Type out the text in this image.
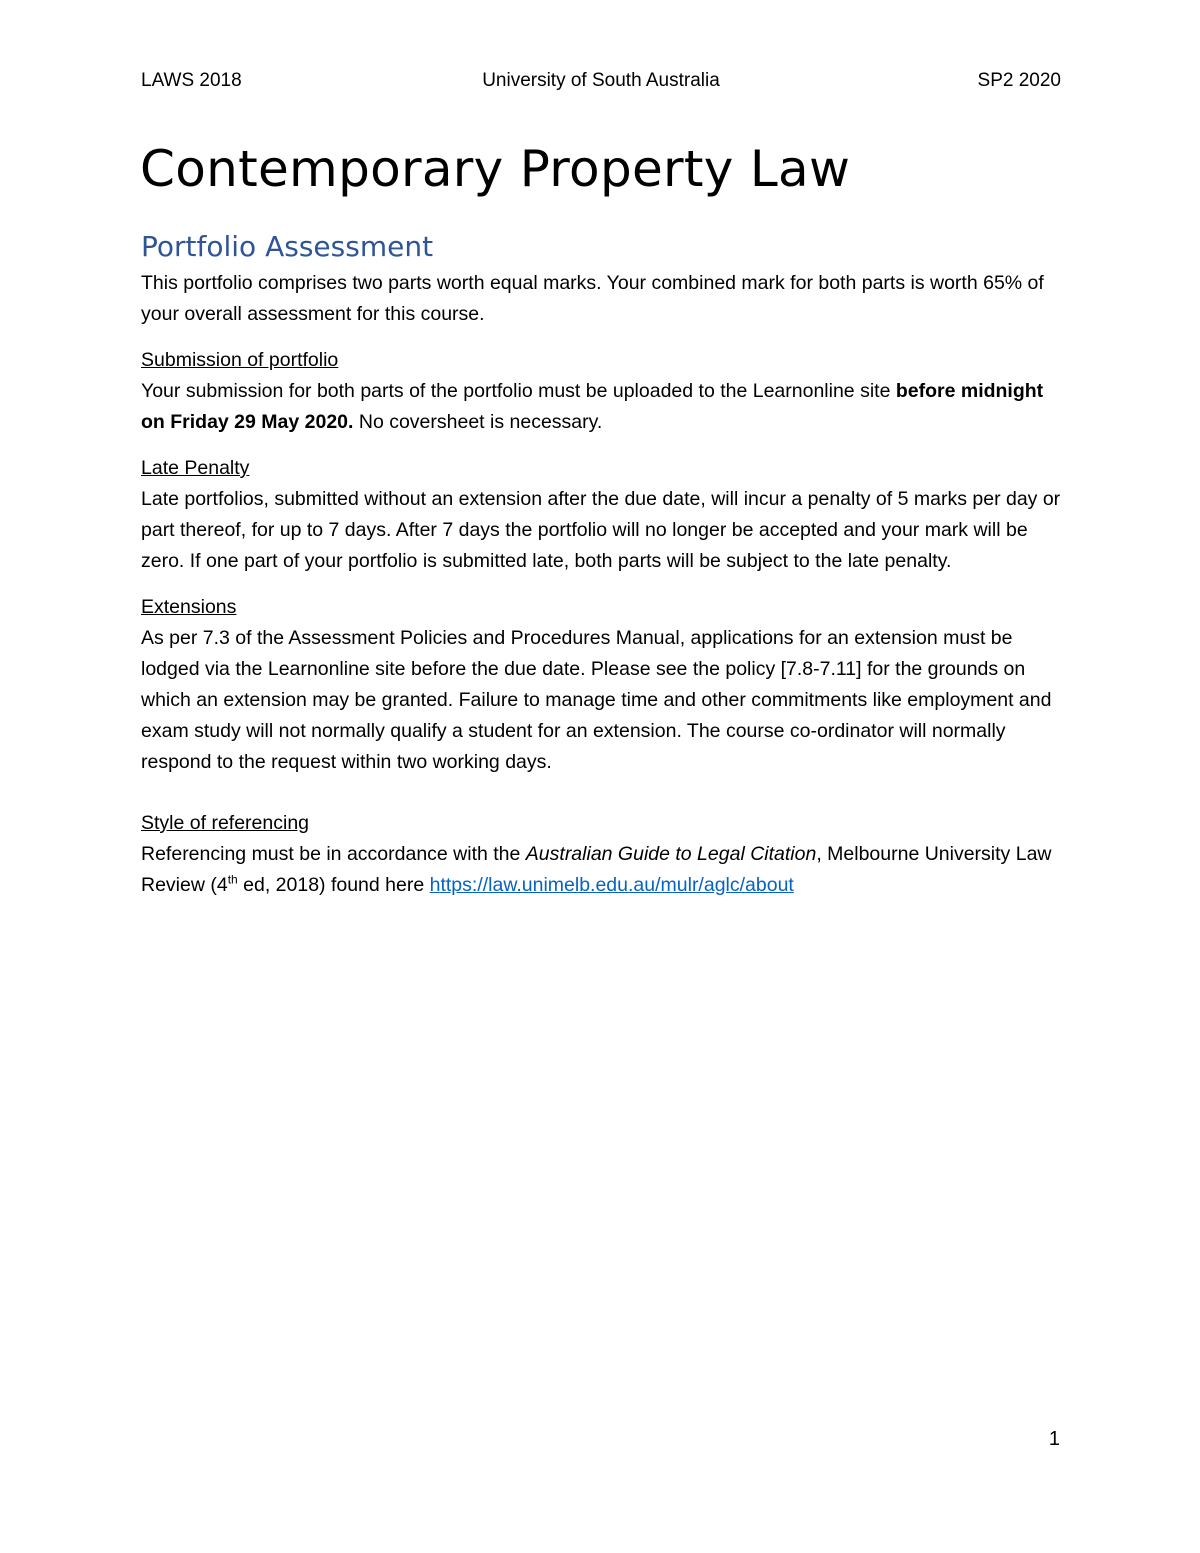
LAWS 2018	University of South Australia	SP2 2020
Contemporary Property Law
Portfolio Assessment

This portfolio comprises two parts worth equal marks. Your combined mark for both parts is worth 65% of your overall assessment for this course.

Submission of portfolio

Your submission for both parts of the portfolio must be uploaded to the Learnonline site before midnight on Friday 29 May 2020. No coversheet is necessary.

Late Penalty

Late portfolios, submitted without an extension after the due date, will incur a penalty of 5 marks per day or part thereof, for up to 7 days. After 7 days the portfolio will no longer be accepted and your mark will be zero. If one part of your portfolio is submitted late, both parts will be subject to the late penalty.

Extensions

As per 7.3 of the Assessment Policies and Procedures Manual, applications for an extension must be lodged via the Learnonline site before the due date. Please see the policy [7.8-7.11] for the grounds on which an extension may be granted. Failure to manage time and other commitments like employment and exam study will not normally qualify a student for an extension. The course co-ordinator will normally respond to the request within two working days.

Style of referencing

Referencing must be in accordance with the Australian Guide to Legal Citation, Melbourne University Law Review (4th ed, 2018) found here https://law.unimelb.edu.au/mulr/aglc/about

1
